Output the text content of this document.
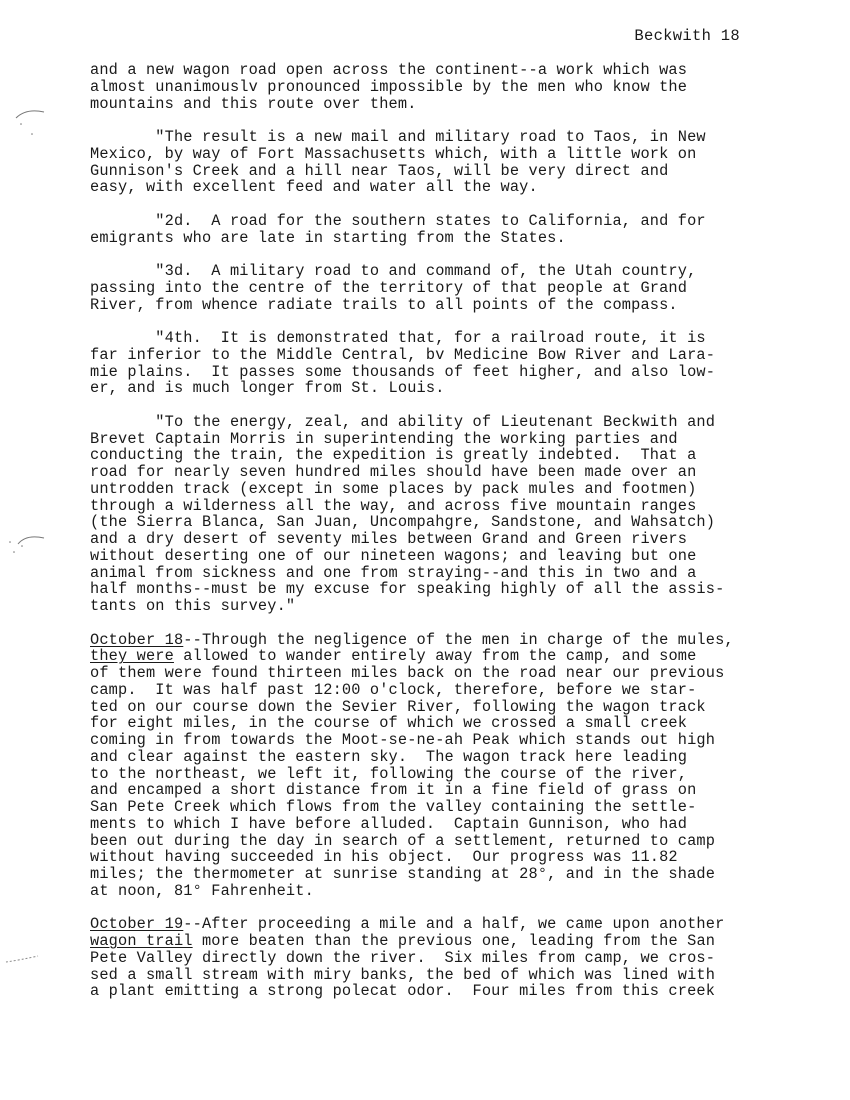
Beckwith 18
and a new wagon road open across the continent--a work which was
almost unanimouslv pronounced impossible by the men who know the
mountains and this route over them.
"The result is a new mail and military road to Taos, in New
Mexico, by way of Fort Massachusetts which, with a little work on
Gunnison's Creek and a hill near Taos, will be very direct and
easy, with excellent feed and water all the way.
"2d.  A road for the southern states to California, and for
emigrants who are late in starting from the States.
"3d.  A military road to and command of, the Utah country,
passing into the centre of the territory of that people at Grand
River, from whence radiate trails to all points of the compass.
"4th.  It is demonstrated that, for a railroad route, it is
far inferior to the Middle Central, bv Medicine Bow River and Lara-
mie plains.  It passes some thousands of feet higher, and also low-
er, and is much longer from St. Louis.
"To the energy, zeal, and ability of Lieutenant Beckwith and
Brevet Captain Morris in superintending the working parties and
conducting the train, the expedition is greatly indebted.  That a
road for nearly seven hundred miles should have been made over an
untrodden track (except in some places by pack mules and footmen)
through a wilderness all the way, and across five mountain ranges
(the Sierra Blanca, San Juan, Uncompahgre, Sandstone, and Wahsatch)
and a dry desert of seventy miles between Grand and Green rivers
without deserting one of our nineteen wagons; and leaving but one
animal from sickness and one from straying--and this in two and a
half months--must be my excuse for speaking highly of all the assis-
tants on this survey."
October 18--Through the negligence of the men in charge of the mules,
they were allowed to wander entirely away from the camp, and some
of them were found thirteen miles back on the road near our previous
camp.  It was half past 12:00 o'clock, therefore, before we star-
ted on our course down the Sevier River, following the wagon track
for eight miles, in the course of which we crossed a small creek
coming in from towards the Moot-se-ne-ah Peak which stands out high
and clear against the eastern sky.  The wagon track here leading
to the northeast, we left it, following the course of the river,
and encamped a short distance from it in a fine field of grass on
San Pete Creek which flows from the valley containing the settle-
ments to which I have before alluded.  Captain Gunnison, who had
been out during the day in search of a settlement, returned to camp
without having succeeded in his object.  Our progress was 11.82
miles; the thermometer at sunrise standing at 28°, and in the shade
at noon, 81° Fahrenheit.
October 19--After proceeding a mile and a half, we came upon another
wagon trail more beaten than the previous one, leading from the San
Pete Valley directly down the river.  Six miles from camp, we cros-
sed a small stream with miry banks, the bed of which was lined with
a plant emitting a strong polecat odor.  Four miles from this creek
